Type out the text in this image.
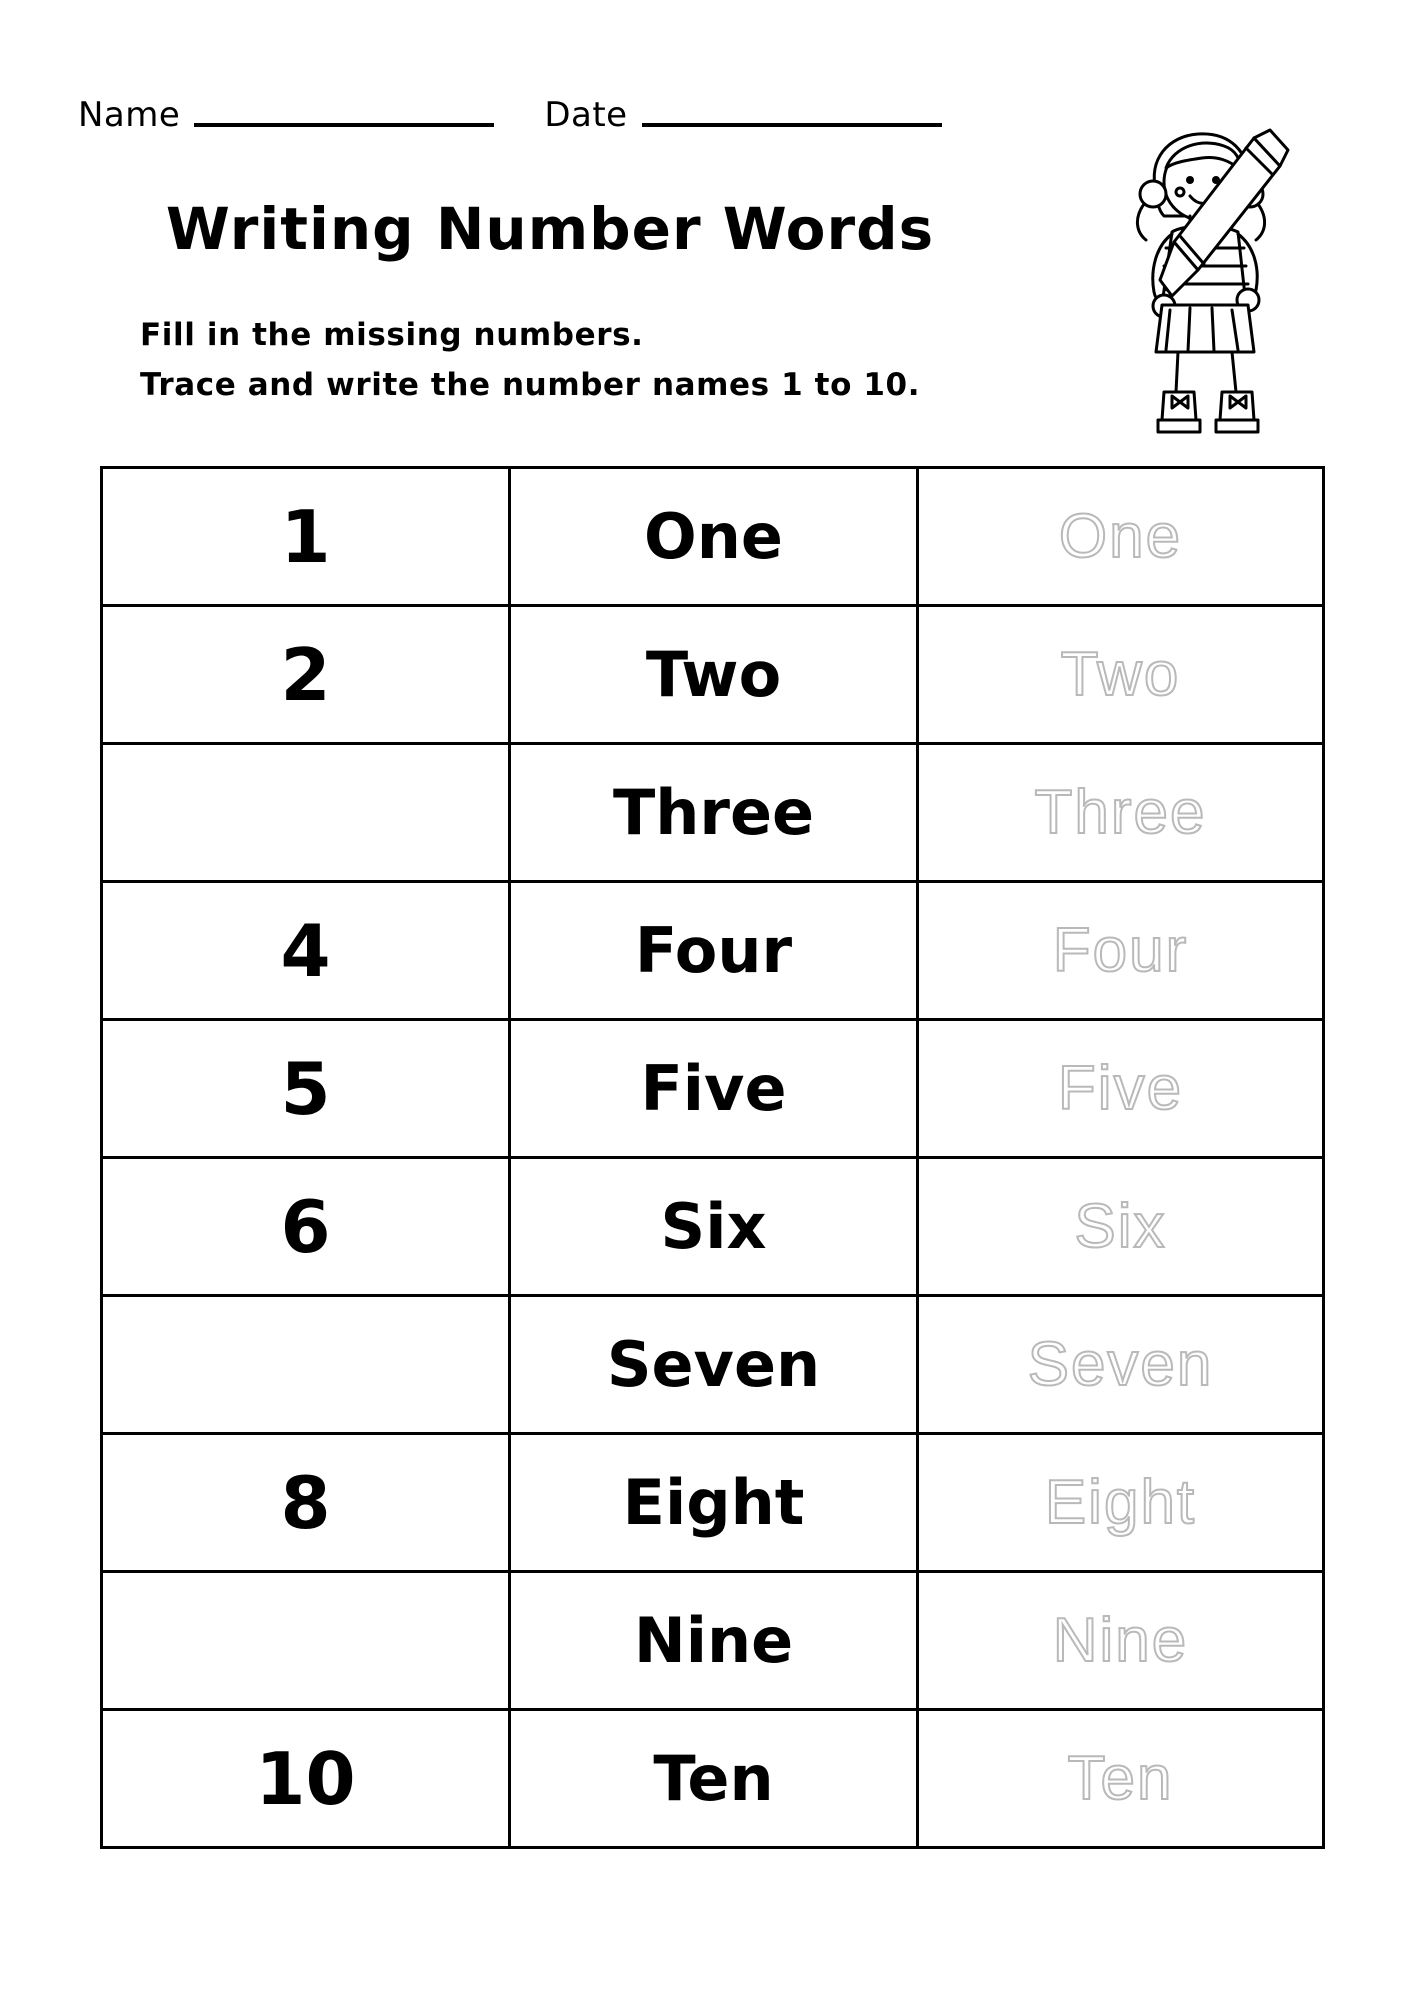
Name	Date
Writing Number Words
Fill in the missing numbers.
Trace and write the number names 1 to 10.
1	One	One
2	Two	Two
	Three	Three
4	Four	Four
5	Five	Five
6	Six	Six
	Seven	Seven
8	Eight	Eight
	Nine	Nine
10	Ten	Ten
